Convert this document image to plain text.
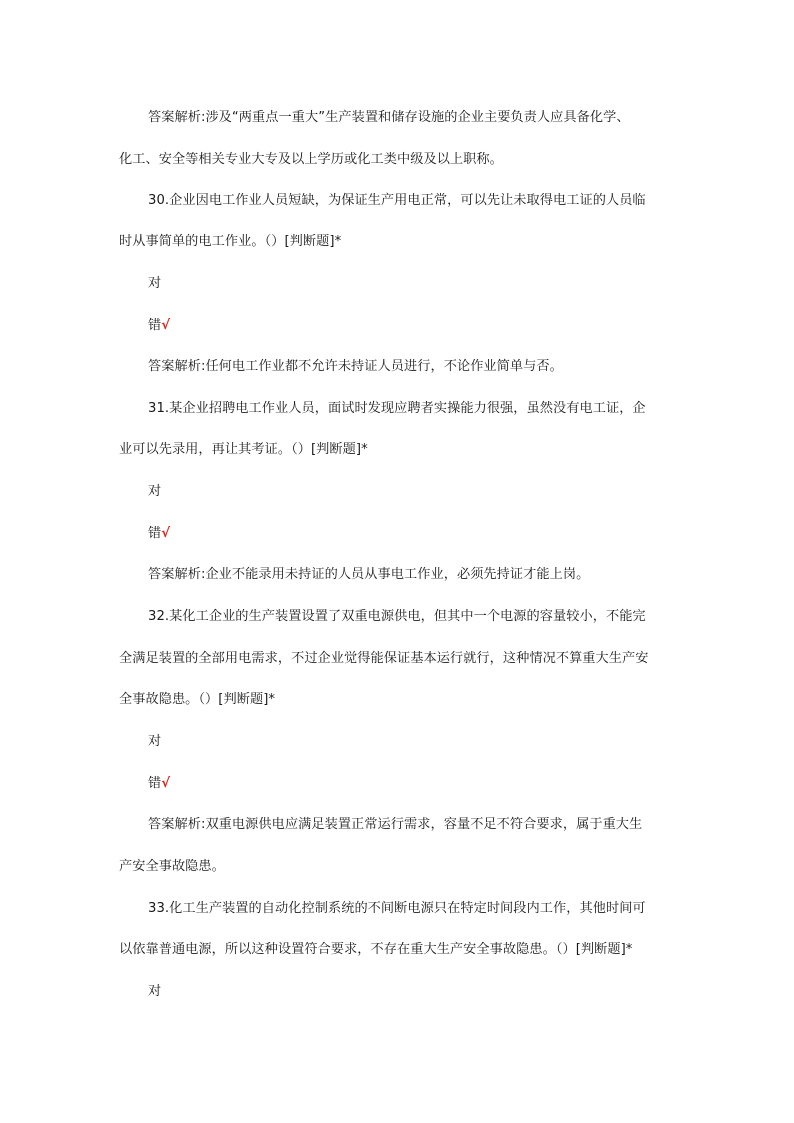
答案解析:涉及“两重点一重大”生产装置和储存设施的企业主要负责人应具备化学、
化工、安全等相关专业大专及以上学历或化工类中级及以上职称。
30.企业因电工作业人员短缺，为保证生产用电正常，可以先让未取得电工证的人员临
时从事简单的电工作业。（）[判断题]*
对
错√
答案解析:任何电工作业都不允许未持证人员进行，不论作业简单与否。
31.某企业招聘电工作业人员，面试时发现应聘者实操能力很强，虽然没有电工证，企
业可以先录用，再让其考证。（）[判断题]*
对
错√
答案解析:企业不能录用未持证的人员从事电工作业，必须先持证才能上岗。
32.某化工企业的生产装置设置了双重电源供电，但其中一个电源的容量较小，不能完
全满足装置的全部用电需求，不过企业觉得能保证基本运行就行，这种情况不算重大生产安
全事故隐患。（）[判断题]*
对
错√
答案解析:双重电源供电应满足装置正常运行需求，容量不足不符合要求，属于重大生
产安全事故隐患。
33.化工生产装置的自动化控制系统的不间断电源只在特定时间段内工作，其他时间可
以依靠普通电源，所以这种设置符合要求，不存在重大生产安全事故隐患。（）[判断题]*
对
